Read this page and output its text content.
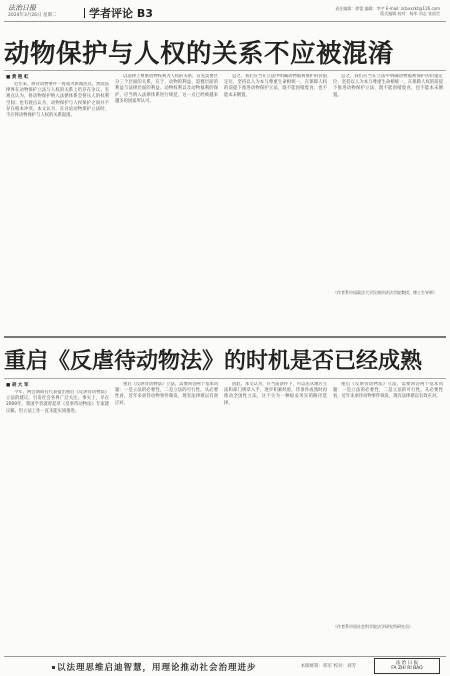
法治日报
2024年3月26日 星期二	学者评论 B3	责任编辑：徐蕾 编辑：李宇 E-mail: zcbxxzkt@126.com
版式编辑 校对：杨华 刘志 张国定
动物保护与人权的关系不应被混淆
■ 黄 艳 虹

近年来，虐待动物事件一再成为新闻热点，然而法律界在动物保护立法与人权的关系上仍存在争议。有观点认为，将动物保护纳入法律体系会挤压人的权利空间；也有观点认为，动物保护与人权保护之间并不存在根本冲突。本文认为，在讨论动物保护立法时，不应将动物保护与人权的关系混淆。

以法律上尊重动物权利为人权的关系，首先需要区分三个层面的关系，在于，动物的利益、道德层面的利益与法律层面的利益。动物权利以及动物福利的保护，应当纳入法律体系进行规范，这一点已经被越来越多的国家所认可。

总之，我们应当在立法中明确动物福利保护的价值定位，坚持以人为本与尊重生命相统一，在保障人权的前提下推进动物保护立法，既不能因噎废食，也不能本末倒置。

总之，我们应当在立法中明确动物福利保护的价值定位，坚持以人为本与尊重生命相统一，在保障人权的前提下推进动物保护立法，既不能因噎废食，也不能本末倒置。

（作者系中国政法大学民商经济法学院教授、博士生导师）
重启《反虐待动物法》的时机是否已经成熟
■ 胡 大 军

今年，两会期间有代表提出重启《反虐待动物法》立法的建议，引发社会各界广泛关注。事实上，早在2009年，我国学者就曾起草《反虐待动物法》专家建议稿，但立法工作一直未能实质推进。

重启《反虐待动物法》立法，需要回答两个基本问题：一是立法的必要性，二是立法的可行性。从必要性看，近年来虐待动物事件频发，现有法律难以有效应对。

因此，本文认为，在当前条件下，可以先从地方立法和部门规章入手，逐步积累经验，待条件成熟时再推动全国性立法，这不失为一种稳妥务实的路径选择。

重启《反虐待动物法》立法，需要回答两个基本问题：一是立法的必要性，二是立法的可行性。从必要性看，近年来虐待动物事件频发，现有法律难以有效应对。

（作者系中国社会科学院法学研究所研究员）
以法理思维启迪智慧，用理论推动社会治理进步	本版统筹：邢军 校对：刘芳
法 治 日 报
FA ZHI RI BAO
